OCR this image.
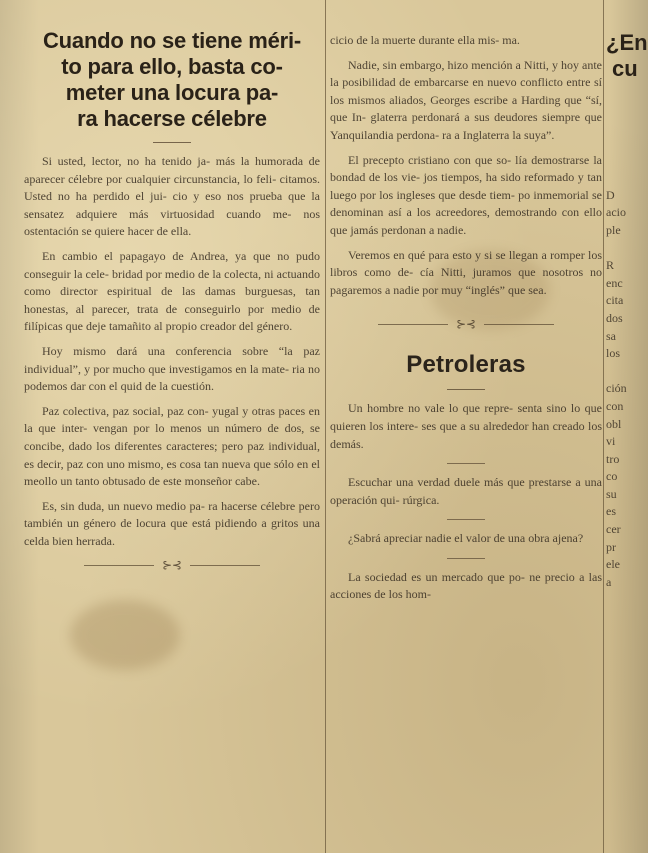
Cuando no se tiene méri-
to para ello, basta co-
meter una locura pa-
ra hacerse célebre

Si usted, lector, no ha tenido ja- más la humorada de aparecer célebre por cualquier circunstancia, lo feli- citamos. Usted no ha perdido el jui- cio y eso nos prueba que la sensatez adquiere más virtuosidad cuando me- nos ostentación se quiere hacer de ella.

En cambio el papagayo de Andrea, ya que no pudo conseguir la cele- bridad por medio de la colecta, ni actuando como director espiritual de las damas burguesas, tan honestas, al parecer, trata de conseguirlo por medio de filípicas que deje tamañito al propio creador del género.

Hoy mismo dará una conferencia sobre “la paz individual”, y por mucho que investigamos en la mate- ria no podemos dar con el quid de la cuestión.

Paz colectiva, paz social, paz con- yugal y otras paces en la que inter- vengan por lo menos un número de dos, se concibe, dado los diferentes caracteres; pero paz individual, es decir, paz con uno mismo, es cosa tan nueva que sólo en el meollo un tanto obtusado de este monseñor cabe.

Es, sin duda, un nuevo medio pa- ra hacerse célebre pero también un género de locura que está pidiendo a gritos una celda bien herrada.

⊱⊰

cicio de la muerte durante ella mis- ma.

Nadie, sin embargo, hizo mención a Nitti, y hoy ante la posibilidad de embarcarse en nuevo conflicto entre sí los mismos aliados, Georges escribe a Harding que “sí, que In- glaterra perdonará a sus deudores siempre que Yanquilandia perdona- ra a Inglaterra la suya”.

El precepto cristiano con que so- lía demostrarse la bondad de los vie- jos tiempos, ha sido reformado y tan luego por los ingleses que desde tiem- po inmemorial se denominan así a los acreedores, demostrando con ello que jamás perdonan a nadie.

Veremos en qué para esto y si se llegan a romper los libros como de- cía Nitti, juramos que nosotros no pagaremos a nadie por muy “inglés” que sea.

⊱⊰
Petroleras

Un hombre no vale lo que repre- senta sino lo que quieren los intere- ses que a su alrededor han creado los demás.

Escuchar una verdad duele más que prestarse a una operación qui- rúrgica.

¿Sabrá apreciar nadie el valor de una obra ajena?

La sociedad es un mercado que po- ne precio a las acciones de los hom-

¿En
cu
D
acio
ple
R
enc
cita
dos
sa
los
ción
con
obl
vi
tro
co
su
es
cer
pr
ele
a
